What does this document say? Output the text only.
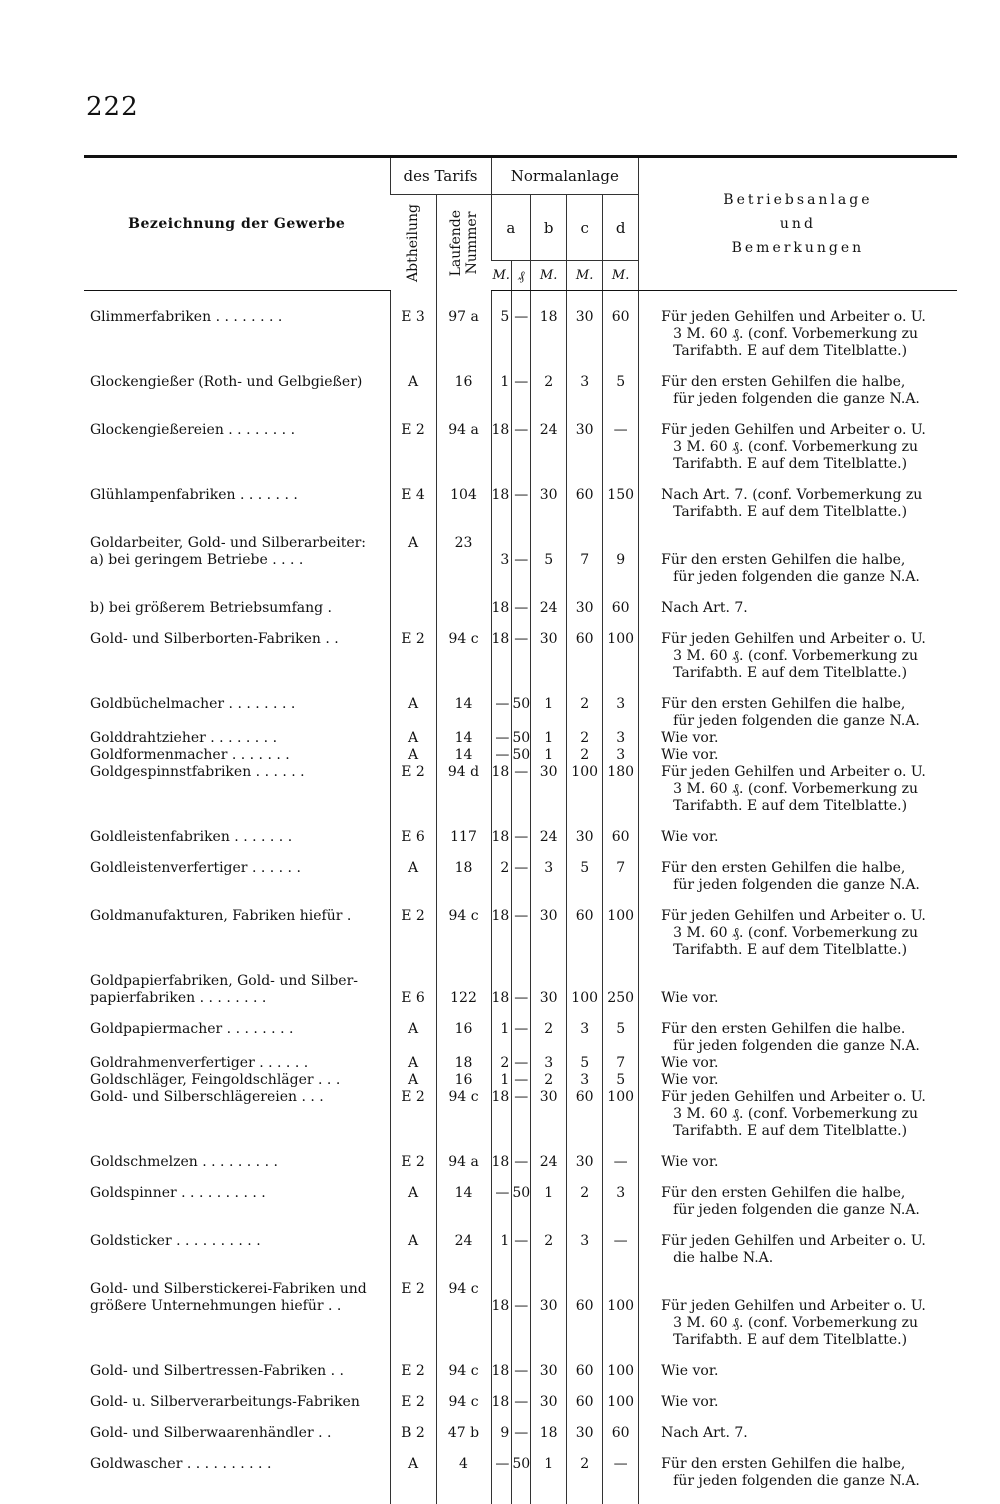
222
Bezeichnung der Gewerbe	des Tarifs		Normalanlage					Betriebsanlage
und
Bemerkungen

	Abtheilung	Laufende Nummer	a		b	c	d	
			M.	₰	M.	M.	M.	

Glimmerfabriken . . . . . . . .	E 3	97 a	5	—	18	30	60	Für jeden Gehilfen und Arbeiter o. U.
3 M. 60 ₰. (conf. Vorbemerkung zu
Tarifabth. E auf dem Titelblatte.)

Glockengießer (Roth- und Gelbgießer)	A	16	1	—	2	3	5	Für den ersten Gehilfen die halbe,
für jeden folgenden die ganze N.A.

Glockengießereien . . . . . . . .	E 2	94 a	18	—	24	30	—	Für jeden Gehilfen und Arbeiter o. U.
3 M. 60 ₰. (conf. Vorbemerkung zu
Tarifabth. E auf dem Titelblatte.)

Glühlampenfabriken . . . . . . .	E 4	104	18	—	30	60	150	Nach Art. 7. (conf. Vorbemerkung zu
Tarifabth. E auf dem Titelblatte.)

Goldarbeiter, Gold- und Silberarbeiter:
a) bei geringem Betriebe . . . .	A	23	3	—	5	7	9	Für den ersten Gehilfen die halbe,
für jeden folgenden die ganze N.A.

b) bei größerem Betriebsumfang .			18	—	24	30	60	Nach Art. 7.

Gold- und Silberborten-Fabriken . .	E 2	94 c	18	—	30	60	100	Für jeden Gehilfen und Arbeiter o. U.
3 M. 60 ₰. (conf. Vorbemerkung zu
Tarifabth. E auf dem Titelblatte.)

Goldbüchelmacher . . . . . . . .	A	14	—	50	1	2	3	Für den ersten Gehilfen die halbe,
für jeden folgenden die ganze N.A.

Golddrahtzieher . . . . . . . .	A	14	—	50	1	2	3	Wie vor.

Goldformenmacher . . . . . . .	A	14	—	50	1	2	3	Wie vor.

Goldgespinnstfabriken . . . . . .	E 2	94 d	18	—	30	100	180	Für jeden Gehilfen und Arbeiter o. U.
3 M. 60 ₰. (conf. Vorbemerkung zu
Tarifabth. E auf dem Titelblatte.)

Goldleistenfabriken . . . . . . .	E 6	117	18	—	24	30	60	Wie vor.

Goldleistenverfertiger . . . . . .	A	18	2	—	3	5	7	Für den ersten Gehilfen die halbe,
für jeden folgenden die ganze N.A.

Goldmanufakturen, Fabriken hiefür .	E 2	94 c	18	—	30	60	100	Für jeden Gehilfen und Arbeiter o. U.
3 M. 60 ₰. (conf. Vorbemerkung zu
Tarifabth. E auf dem Titelblatte.)

Goldpapierfabriken, Gold- und Silber-
papierfabriken . . . . . . . .	E 6	122	18	—	30	100	250	Wie vor.

Goldpapiermacher . . . . . . . .	A	16	1	—	2	3	5	Für den ersten Gehilfen die halbe.
für jeden folgenden die ganze N.A.

Goldrahmenverfertiger . . . . . .	A	18	2	—	3	5	7	Wie vor.

Goldschläger, Feingoldschläger . . .	A	16	1	—	2	3	5	Wie vor.

Gold- und Silberschlägereien . . .	E 2	94 c	18	—	30	60	100	Für jeden Gehilfen und Arbeiter o. U.
3 M. 60 ₰. (conf. Vorbemerkung zu
Tarifabth. E auf dem Titelblatte.)

Goldschmelzen . . . . . . . . .	E 2	94 a	18	—	24	30	—	Wie vor.

Goldspinner . . . . . . . . . .	A	14	—	50	1	2	3	Für den ersten Gehilfen die halbe,
für jeden folgenden die ganze N.A.

Goldsticker . . . . . . . . . .	A	24	1	—	2	3	—	Für jeden Gehilfen und Arbeiter o. U.
die halbe N.A.

Gold- und Silberstickerei-Fabriken und
größere Unternehmungen hiefür . .	E 2	94 c	18	—	30	60	100	Für jeden Gehilfen und Arbeiter o. U.
3 M. 60 ₰. (conf. Vorbemerkung zu
Tarifabth. E auf dem Titelblatte.)

Gold- und Silbertressen-Fabriken . .	E 2	94 c	18	—	30	60	100	Wie vor.

Gold- u. Silberverarbeitungs-Fabriken	E 2	94 c	18	—	30	60	100	Wie vor.

Gold- und Silberwaarenhändler . .	B 2	47 b	9	—	18	30	60	Nach Art. 7.

Goldwascher . . . . . . . . . .	A	4	—	50	1	2	—	Für den ersten Gehilfen die halbe,
für jeden folgenden die ganze N.A.
